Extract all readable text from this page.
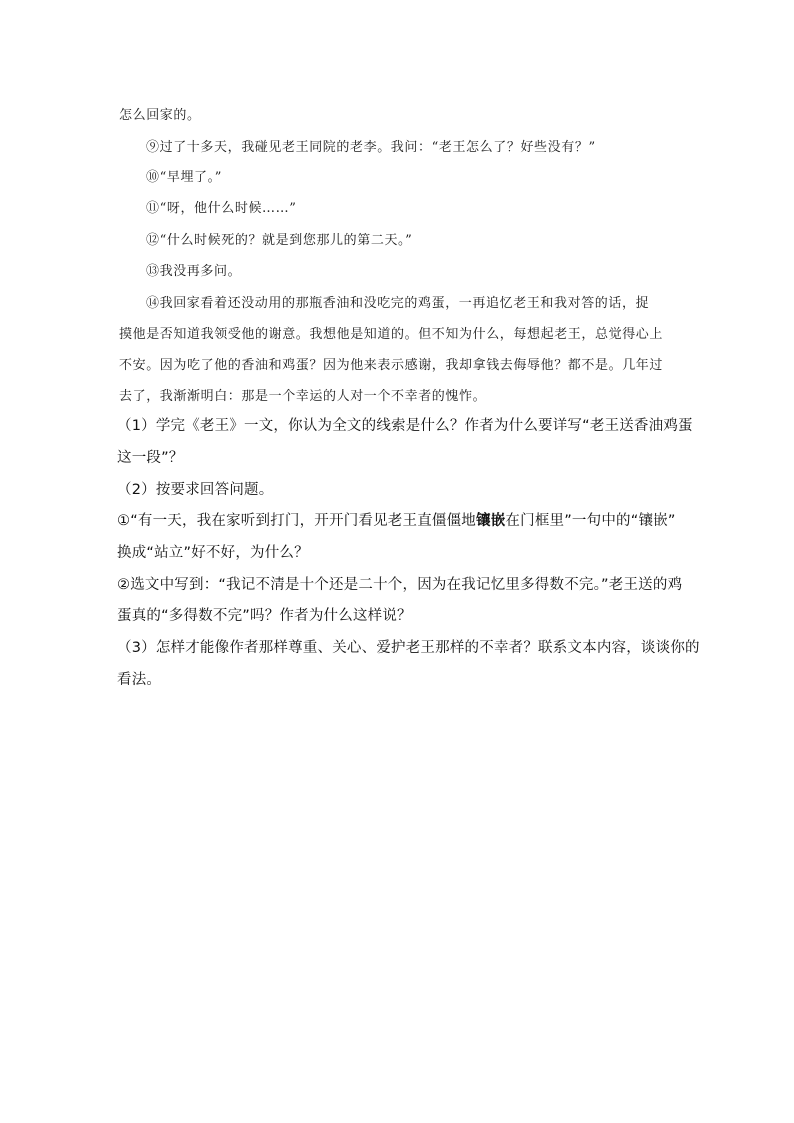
怎么回家的。
⑨过了十多天，我碰见老王同院的老李。我问：“老王怎么了？好些没有？”
⑩“早埋了。”
⑪“呀，他什么时候……”
⑫“什么时候死的？就是到您那儿的第二天。”
⑬我没再多问。
⑭我回家看着还没动用的那瓶香油和没吃完的鸡蛋，一再追忆老王和我对答的话，捉
摸他是否知道我领受他的谢意。我想他是知道的。但不知为什么，每想起老王，总觉得心上
不安。因为吃了他的香油和鸡蛋？因为他来表示感谢，我却拿钱去侮辱他？都不是。几年过
去了，我渐渐明白：那是一个幸运的人对一个不幸者的愧怍。
（1）学完《老王》一文，你认为全文的线索是什么？作者为什么要详写“老王送香油鸡蛋
这一段”？
（2）按要求回答问题。
①“有一天，我在家听到打门，开开门看见老王直僵僵地镶嵌在门框里”一句中的“镶嵌”
换成“站立”好不好，为什么？
②选文中写到：“我记不清是十个还是二十个，因为在我记忆里多得数不完。”老王送的鸡
蛋真的“多得数不完”吗？作者为什么这样说？
（3）怎样才能像作者那样尊重、关心、爱护老王那样的不幸者？联系文本内容，谈谈你的
看法。
